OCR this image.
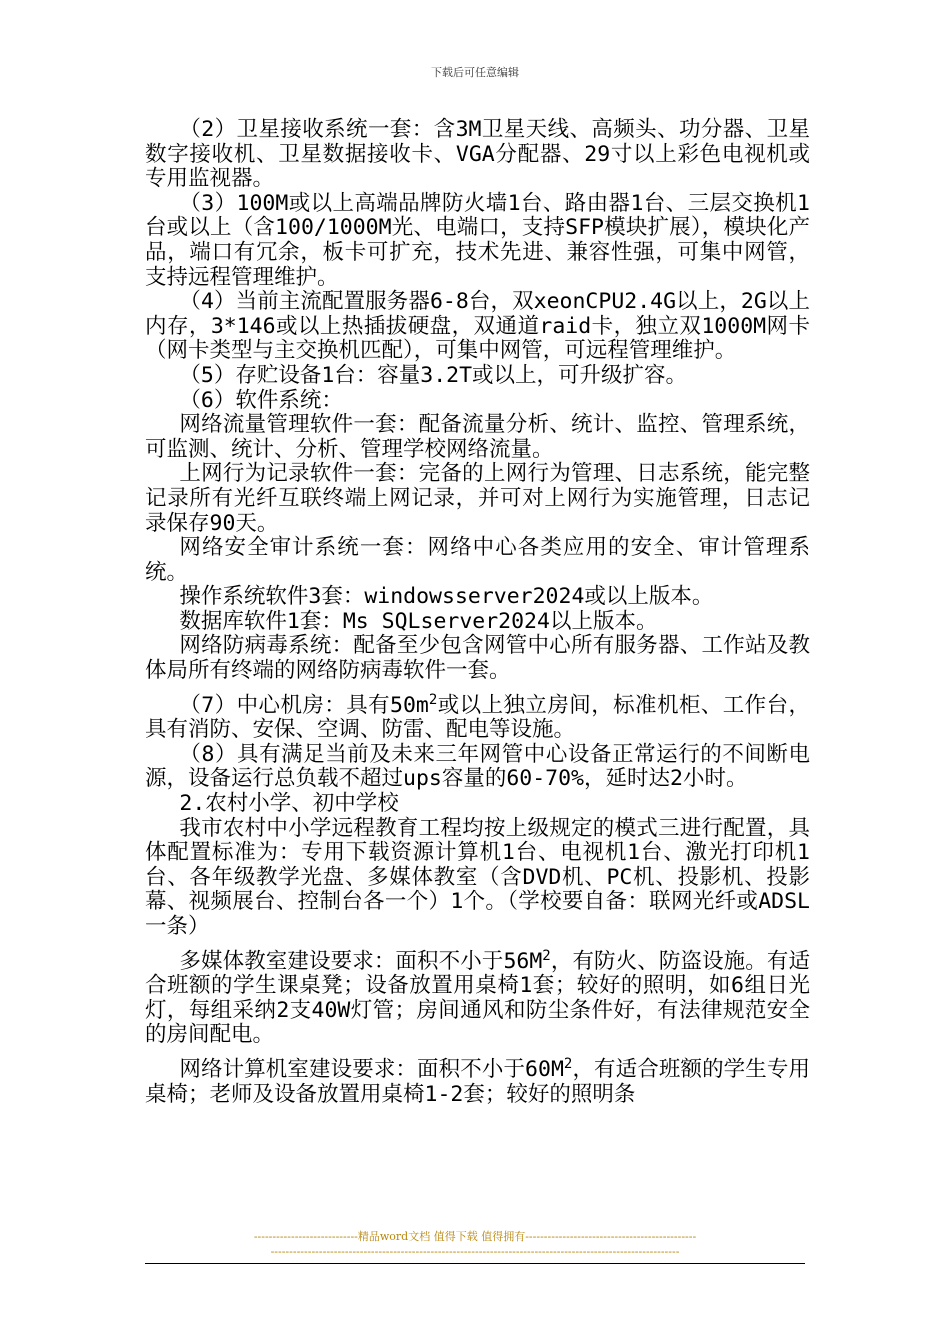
下载后可任意编辑

（2）卫星接收系统一套：含3M卫星天线、高频头、功分器、卫星数字接收机、卫星数据接收卡、VGA分配器、29寸以上彩色电视机或专用监视器。

（3）100M或以上高端品牌防火墙1台、路由器1台、三层交换机1台或以上（含100/1000M光、电端口，支持SFP模块扩展），模块化产品，端口有冗余，板卡可扩充，技术先进、兼容性强，可集中网管，支持远程管理维护。

（4）当前主流配置服务器6-8台，双xeonCPU2.4G以上，2G以上内存，3*146或以上热插拔硬盘，双通道raid卡，独立双1000M网卡（网卡类型与主交换机匹配），可集中网管，可远程管理维护。

（5）存贮设备1台：容量3.2T或以上，可升级扩容。

（6）软件系统：

网络流量管理软件一套：配备流量分析、统计、监控、管理系统，可监测、统计、分析、管理学校网络流量。

上网行为记录软件一套：完备的上网行为管理、日志系统，能完整记录所有光纤互联终端上网记录，并可对上网行为实施管理，日志记录保存90天。

网络安全审计系统一套：网络中心各类应用的安全、审计管理系统。

操作系统软件3套：windowsserver2024或以上版本。

数据库软件1套：Ms SQLserver2024以上版本。

网络防病毒系统：配备至少包含网管中心所有服务器、工作站及教体局所有终端的网络防病毒软件一套。

（7）中心机房：具有$50m^2$或以上独立房间，标准机柜、工作台，具有消防、安保、空调、防雷、配电等设施。

（8）具有满足当前及未来三年网管中心设备正常运行的不间断电源，设备运行总负载不超过ups容量的60-70%，延时达2小时。

2.农村小学、初中学校

我市农村中小学远程教育工程均按上级规定的模式三进行配置，具体配置标准为：专用下载资源计算机1台、电视机1台、激光打印机1台、各年级教学光盘、多媒体教室（含DVD机、PC机、投影机、投影幕、视频展台、控制台各一个）1个。（学校要自备：联网光纤或ADSL一条）

多媒体教室建设要求：面积不小于$56M^2$，有防火、防盗设施。有适合班额的学生课桌凳；设备放置用桌椅1套；较好的照明，如6组日光灯，每组采纳2支40W灯管；房间通风和防尘条件好，有法律规范安全的房间配电。

网络计算机室建设要求：面积不小于$60M^2$，有适合班额的学生专用桌椅；老师及设备放置用桌椅1-2套；较好的照明条

----------------------------精品word文档 值得下载 值得拥有----------------------------------------------
--------------------------------------------------------------------------------------------------------------
